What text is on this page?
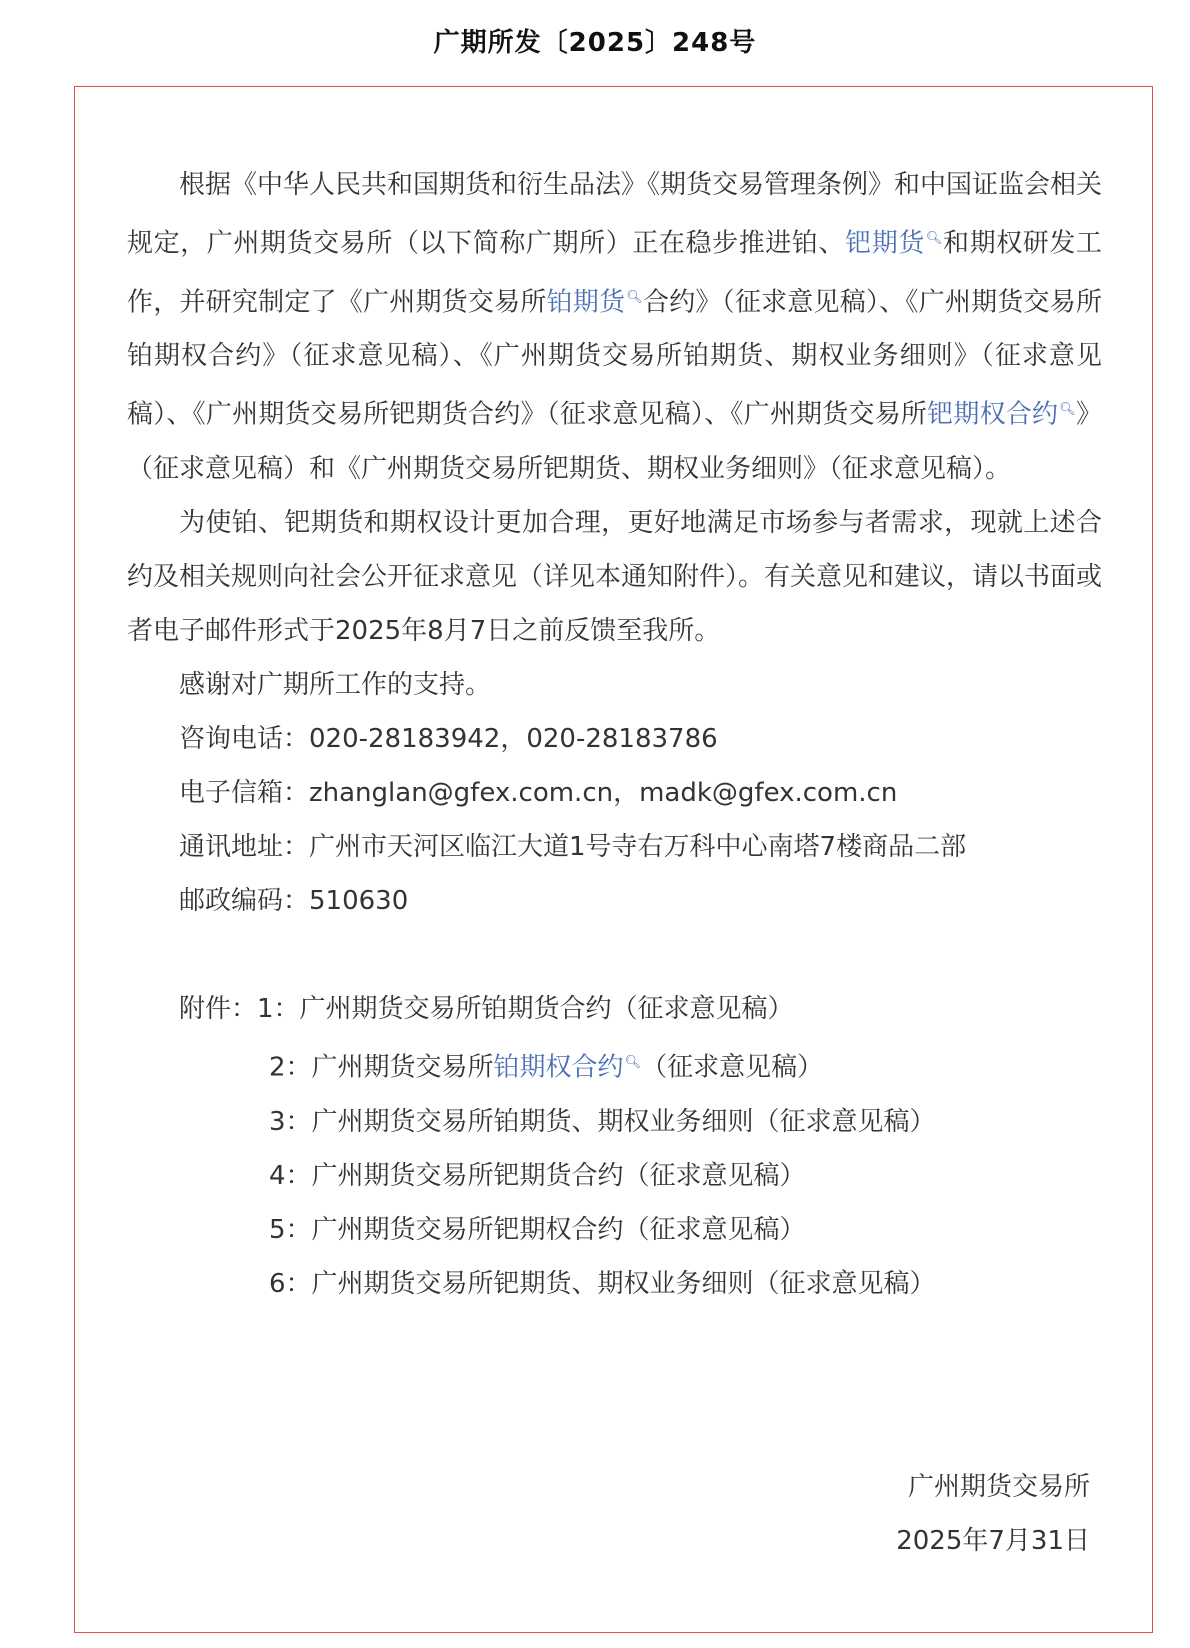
广期所发〔2025〕248号

根据《中华人民共和国期货和衍生品法》《期货交易管理条例》和中国证监会相关规定，广州期货交易所（以下简称广期所）正在稳步推进铂、钯期货🔍︎和期权研发工作，并研究制定了《广州期货交易所铂期货🔍︎合约》（征求意见稿）、《广州期货交易所铂期权合约》（征求意见稿）、《广州期货交易所铂期货、期权业务细则》（征求意见稿）、《广州期货交易所钯期货合约》（征求意见稿）、《广州期货交易所钯期权合约🔍︎》（征求意见稿）和《广州期货交易所钯期货、期权业务细则》（征求意见稿）。

为使铂、钯期货和期权设计更加合理，更好地满足市场参与者需求，现就上述合约及相关规则向社会公开征求意见（详见本通知附件）。有关意见和建议，请以书面或者电子邮件形式于2025年8月7日之前反馈至我所。

感谢对广期所工作的支持。

咨询电话：020-28183942，020-28183786

电子信箱：zhanglan@gfex.com.cn，madk@gfex.com.cn

通讯地址：广州市天河区临江大道1号寺右万科中心南塔7楼商品二部

邮政编码：510630

附件：1：广州期货交易所铂期货合约（征求意见稿）

2：广州期货交易所铂期权合约🔍︎（征求意见稿）

3：广州期货交易所铂期货、期权业务细则（征求意见稿）

4：广州期货交易所钯期货合约（征求意见稿）

5：广州期货交易所钯期权合约（征求意见稿）

6：广州期货交易所钯期货、期权业务细则（征求意见稿）

广州期货交易所
2025年7月31日
